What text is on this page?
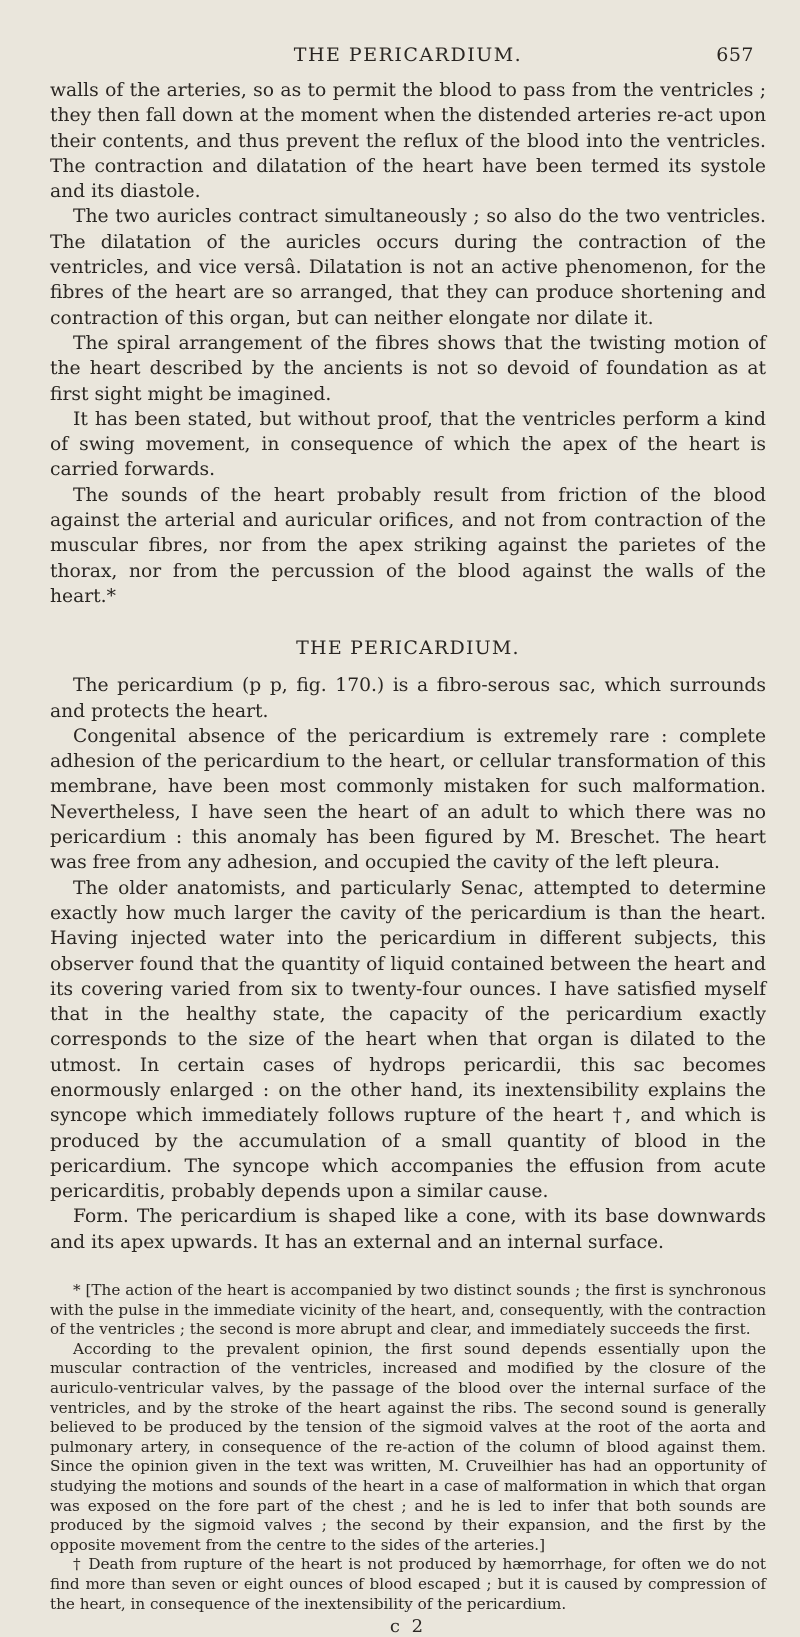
THE PERICARDIUM.	657

walls of the arteries, so as to permit the blood to pass from the ventricles ; they then fall down at the moment when the distended arteries re-act upon their contents, and thus prevent the reflux of the blood into the ventricles. The contraction and dilatation of the heart have been termed its systole and its diastole.

The two auricles contract simultaneously ; so also do the two ventricles. The dilatation of the auricles occurs during the contraction of the ventricles, and vice versâ. Dilatation is not an active phenomenon, for the fibres of the heart are so arranged, that they can produce shortening and contraction of this organ, but can neither elongate nor dilate it.

The spiral arrangement of the fibres shows that the twisting motion of the heart described by the ancients is not so devoid of foundation as at first sight might be imagined.

It has been stated, but without proof, that the ventricles perform a kind of swing movement, in consequence of which the apex of the heart is carried forwards.

The sounds of the heart probably result from friction of the blood against the arterial and auricular orifices, and not from contraction of the muscular fibres, nor from the apex striking against the parietes of the thorax, nor from the percussion of the blood against the walls of the heart.*

THE PERICARDIUM.

The pericardium (p p, fig. 170.) is a fibro-serous sac, which surrounds and protects the heart.

Congenital absence of the pericardium is extremely rare : complete adhesion of the pericardium to the heart, or cellular transformation of this membrane, have been most commonly mistaken for such malformation. Nevertheless, I have seen the heart of an adult to which there was no pericardium : this anomaly has been figured by M. Breschet. The heart was free from any adhesion, and occupied the cavity of the left pleura.

The older anatomists, and particularly Senac, attempted to determine exactly how much larger the cavity of the pericardium is than the heart. Having injected water into the pericardium in different subjects, this observer found that the quantity of liquid contained between the heart and its covering varied from six to twenty-four ounces. I have satisfied myself that in the healthy state, the capacity of the pericardium exactly corresponds to the size of the heart when that organ is dilated to the utmost. In certain cases of hydrops pericardii, this sac becomes enormously enlarged : on the other hand, its inextensibility explains the syncope which immediately follows rupture of the heart †, and which is produced by the accumulation of a small quantity of blood in the pericardium. The syncope which accompanies the effusion from acute pericarditis, probably depends upon a similar cause.

Form. The pericardium is shaped like a cone, with its base downwards and its apex upwards. It has an external and an internal surface.

* [The action of the heart is accompanied by two distinct sounds ; the first is synchronous with the pulse in the immediate vicinity of the heart, and, consequently, with the contraction of the ventricles ; the second is more abrupt and clear, and immediately succeeds the first.

According to the prevalent opinion, the first sound depends essentially upon the muscular contraction of the ventricles, increased and modified by the closure of the auriculo-ventricular valves, by the passage of the blood over the internal surface of the ventricles, and by the stroke of the heart against the ribs. The second sound is generally believed to be produced by the tension of the sigmoid valves at the root of the aorta and pulmonary artery, in consequence of the re-action of the column of blood against them. Since the opinion given in the text was written, M. Cruveilhier has had an opportunity of studying the motions and sounds of the heart in a case of malformation in which that organ was exposed on the fore part of the chest ; and he is led to infer that both sounds are produced by the sigmoid valves ; the second by their expansion, and the first by the opposite movement from the centre to the sides of the arteries.]

† Death from rupture of the heart is not produced by hæmorrhage, for often we do not find more than seven or eight ounces of blood escaped ; but it is caused by compression of the heart, in consequence of the inextensibility of the pericardium.

c 2
